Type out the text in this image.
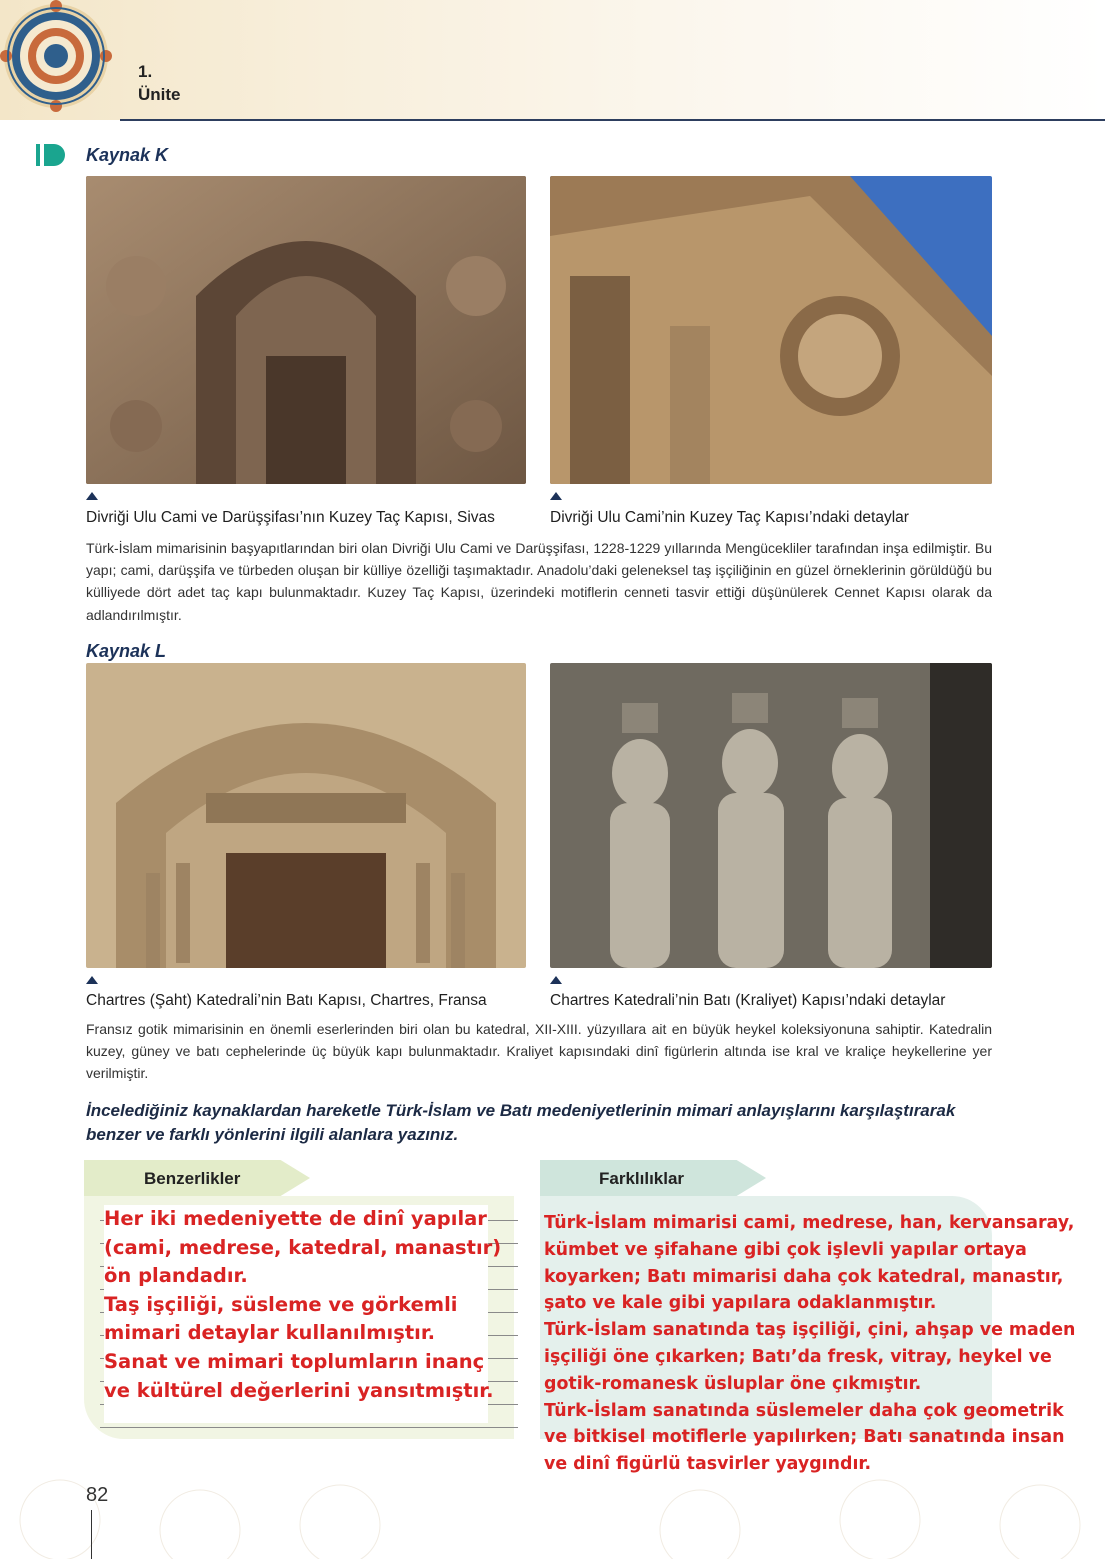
1.
Ünite
Kaynak K
Divriği Ulu Cami ve Darüşşifası’nın Kuzey Taç Kapısı, Sivas	Divriği Ulu Cami’nin Kuzey Taç Kapısı’ndaki detaylar
Türk-İslam mimarisinin başyapıtlarından biri olan Divriği Ulu Cami ve Darüşşifası, 1228-1229 yıllarında Mengücekliler tarafından inşa edilmiştir. Bu yapı; cami, darüşşifa ve türbeden oluşan bir külliye özelliği taşımaktadır. Anadolu’daki geleneksel taş işçiliğinin en güzel örneklerinin görüldüğü bu külliyede dört adet taç kapı bulunmaktadır. Kuzey Taç Kapısı, üzerindeki motiflerin cenneti tasvir ettiği düşünülerek Cennet Kapısı olarak da adlandırılmıştır.
Kaynak L
Chartres (Şaht) Katedrali’nin Batı Kapısı, Chartres, Fransa	Chartres Katedrali’nin Batı (Kraliyet) Kapısı’ndaki detaylar
Fransız gotik mimarisinin en önemli eserlerinden biri olan bu katedral, XII-XIII. yüzyıllara ait en büyük heykel koleksiyonuna sahiptir. Katedralin kuzey, güney ve batı cephelerinde üç büyük kapı bulunmaktadır. Kraliyet kapısındaki dinî figürlerin altında ise kral ve kraliçe heykellerine yer verilmiştir.
İncelediğiniz kaynaklardan hareketle Türk-İslam ve Batı medeniyetlerinin mimari anlayışlarını karşılaştırarak benzer ve farklı yönlerini ilgili alanlara yazınız.
Benzerlikler	Farklılıklar
Her iki medeniyette de dinî yapılar
(cami, medrese, katedral, manastır)
ön plandadır.
Taş işçiliği, süsleme ve görkemli
mimari detaylar kullanılmıştır.
Sanat ve mimari toplumların inanç
ve kültürel değerlerini yansıtmıştır.
Türk-İslam mimarisi cami, medrese, han, kervansaray,
kümbet ve şifahane gibi çok işlevli yapılar ortaya
koyarken; Batı mimarisi daha çok katedral, manastır,
şato ve kale gibi yapılara odaklanmıştır.
Türk-İslam sanatında taş işçiliği, çini, ahşap ve maden
işçiliği öne çıkarken; Batı’da fresk, vitray, heykel ve
gotik-romanesk üsluplar öne çıkmıştır.
Türk-İslam sanatında süslemeler daha çok geometrik
ve bitkisel motiflerle yapılırken; Batı sanatında insan
ve dinî figürlü tasvirler yaygındır.
82
